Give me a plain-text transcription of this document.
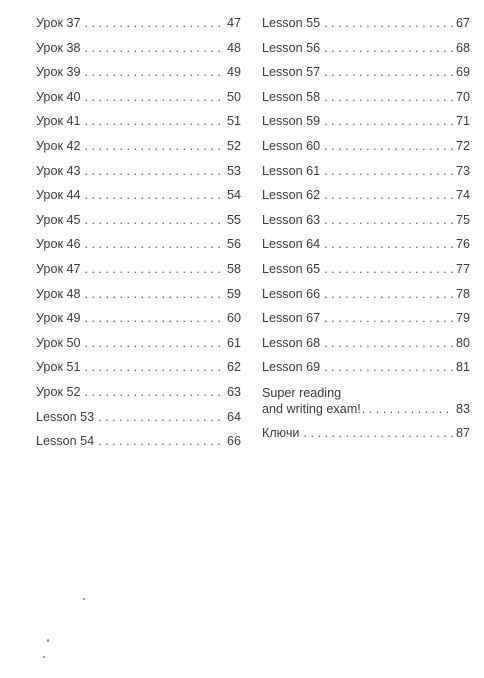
Урок 37 . . .	47
Урок 38 . . .	48
Урок 39 . . .	49
Урок 40 . . .	50
Урок 41 . . .	51
Урок 42 . . .	52
Урок 43 . . .	53
Урок 44 . . .	54
Урок 45 . . .	55
Урок 46 . . .	56
Урок 47 . . .	58
Урок 48 . . .	59
Урок 49 . . .	60
Урок 50 . . .	61
Урок 51 . . .	62
Урок 52 . . .	63
Lesson 53 . . .	64
Lesson 54 . . .	66
Lesson 55 . . .	67
Lesson 56 . . .	68
Lesson 57 . . .	69
Lesson 58 . . .	70
Lesson 59 . . .	71
Lesson 60 . . .	72
Lesson 61 . . .	73
Lesson 62 . . .	74
Lesson 63 . . .	75
Lesson 64 . . .	76
Lesson 65 . . .	77
Lesson 66 . . .	78
Lesson 67 . . .	79
Lesson 68 . . .	80
Lesson 69 . . .	81
Super reading
and writing exam! . . .	83
Ключи . . .	87
